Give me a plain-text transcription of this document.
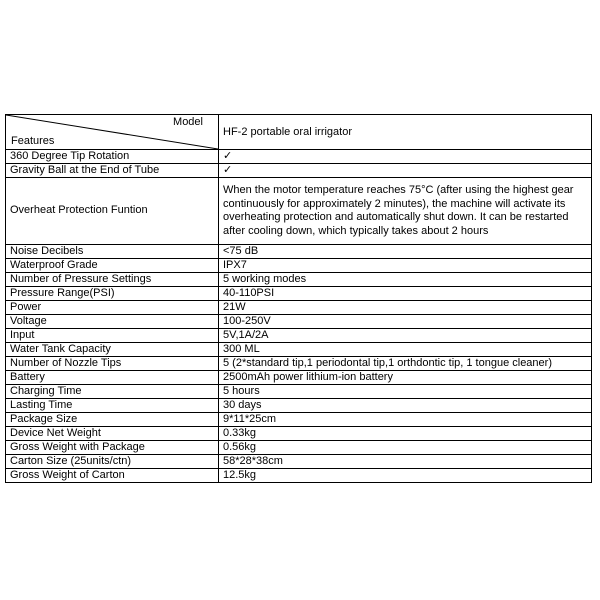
Model
Features	HF-2 portable oral irrigator
360 Degree Tip Rotation	✓
Gravity Ball at the End of Tube	✓
Overheat Protection Funtion	When the motor temperature reaches 75°C (after using the highest gear continuously for approximately 2 minutes), the machine will activate its overheating protection and automatically shut down. It can be restarted after cooling down, which typically takes about 2 hours
Noise Decibels	<75 dB
Waterproof Grade	IPX7
Number of Pressure Settings	5 working modes
Pressure Range(PSI)	40-110PSI
Power	21W
Voltage	100-250V
Input	5V,1A/2A
Water Tank Capacity	300 ML
Number of Nozzle Tips	5 (2*standard tip,1 periodontal tip,1 orthdontic tip, 1 tongue cleaner)
Battery	2500mAh power lithium-ion battery
Charging Time	5 hours
Lasting Time	30 days
Package Size	9*11*25cm
Device Net Weight	0.33kg
Gross Weight with Package	0.56kg
Carton Size (25units/ctn)	58*28*38cm
Gross Weight of Carton	12.5kg
